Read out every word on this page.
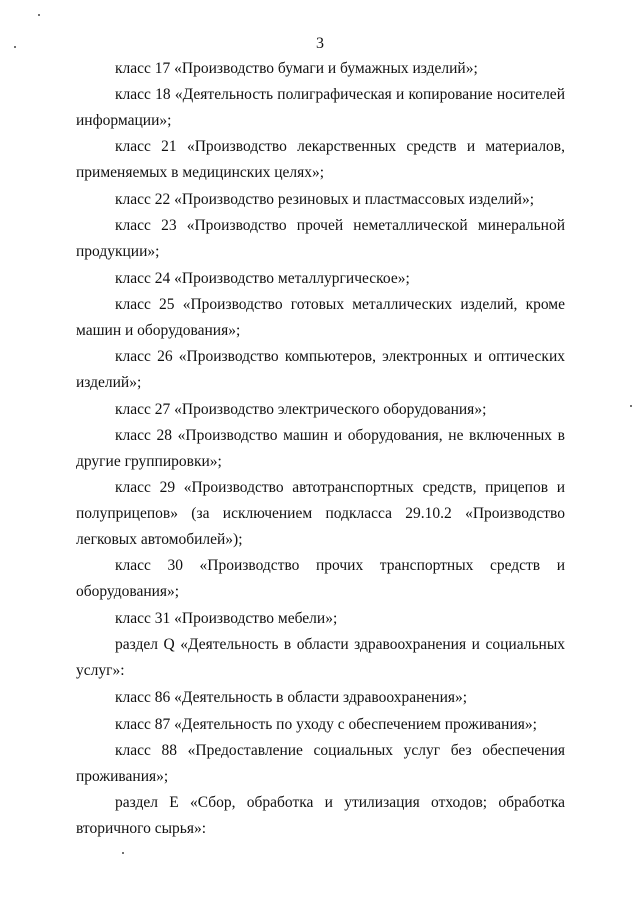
3

класс 17 «Производство бумаги и бумажных изделий»;

класс 18 «Деятельность полиграфическая и копирование носителей информации»;

класс 21 «Производство лекарственных средств и материалов, применяемых в медицинских целях»;

класс 22 «Производство резиновых и пластмассовых изделий»;

класс 23 «Производство прочей неметаллической минеральной продукции»;

класс 24 «Производство металлургическое»;

класс 25 «Производство готовых металлических изделий, кроме машин и оборудования»;

класс 26 «Производство компьютеров, электронных и оптических изделий»;

класс 27 «Производство электрического оборудования»;

класс 28 «Производство машин и оборудования, не включенных в другие группировки»;

класс 29 «Производство автотранспортных средств, прицепов и полуприцепов» (за исключением подкласса 29.10.2 «Производство легковых автомобилей»);

класс 30 «Производство прочих транспортных средств и оборудования»;

класс 31 «Производство мебели»;

раздел Q «Деятельность в области здравоохранения и социальных услуг»:

класс 86 «Деятельность в области здравоохранения»;

класс 87 «Деятельность по уходу с обеспечением проживания»;

класс 88 «Предоставление социальных услуг без обеспечения проживания»;

раздел E «Сбор, обработка и утилизация отходов; обработка вторичного сырья»:
